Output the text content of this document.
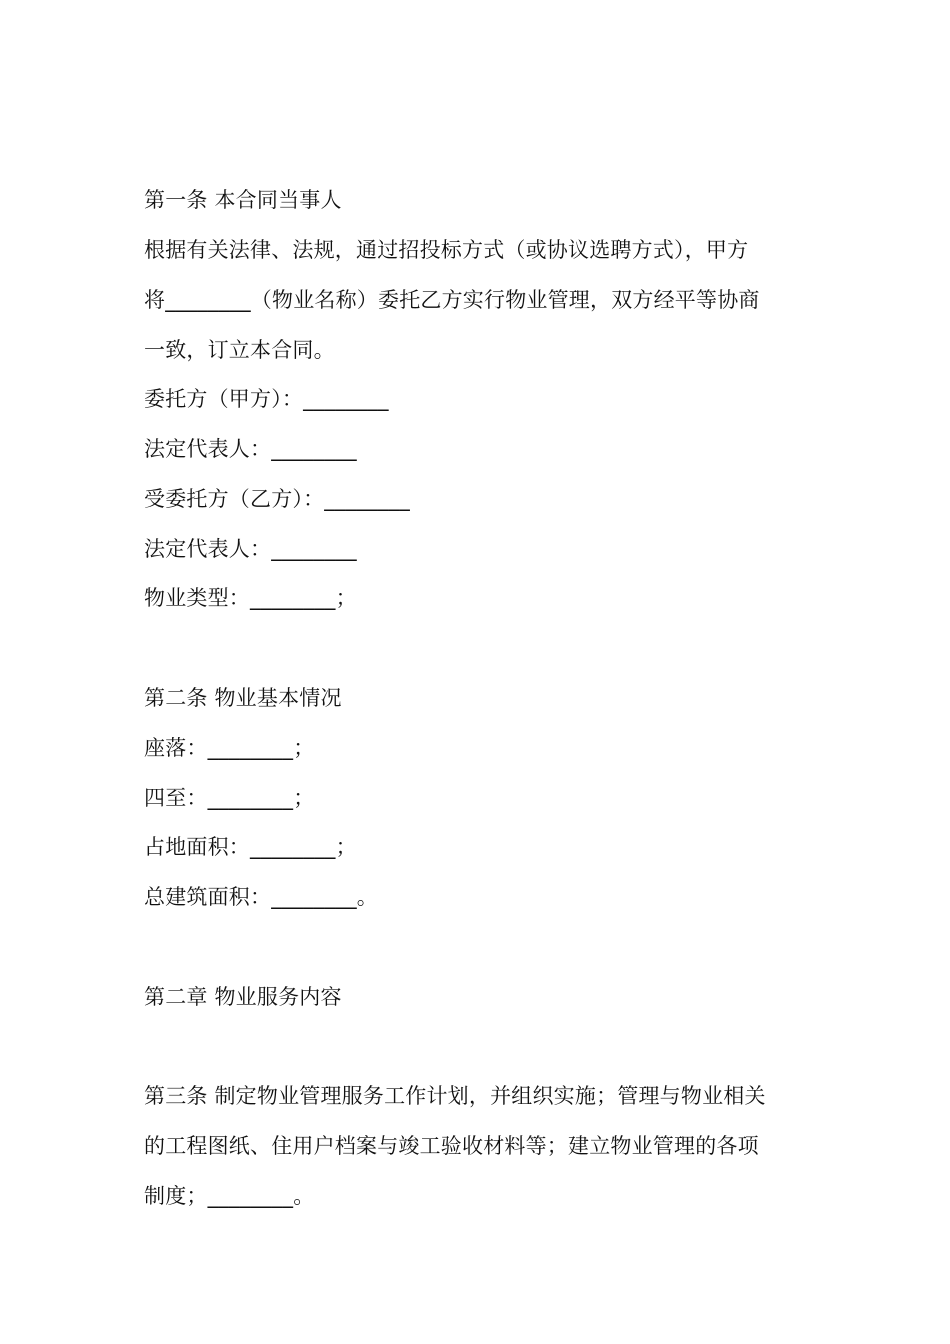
第一条 本合同当事人
根据有关法律、法规，通过招投标方式（或协议选聘方式），甲方
将________（物业名称）委托乙方实行物业管理，双方经平等协商
一致，订立本合同。
委托方（甲方）：________
法定代表人：________
受委托方（乙方）：________
法定代表人：________
物业类型：________；
第二条 物业基本情况
座落：________；
四至：________；
占地面积：________；
总建筑面积：________。
第二章 物业服务内容
第三条 制定物业管理服务工作计划，并组织实施；管理与物业相关
的工程图纸、住用户档案与竣工验收材料等；建立物业管理的各项
制度；________。
